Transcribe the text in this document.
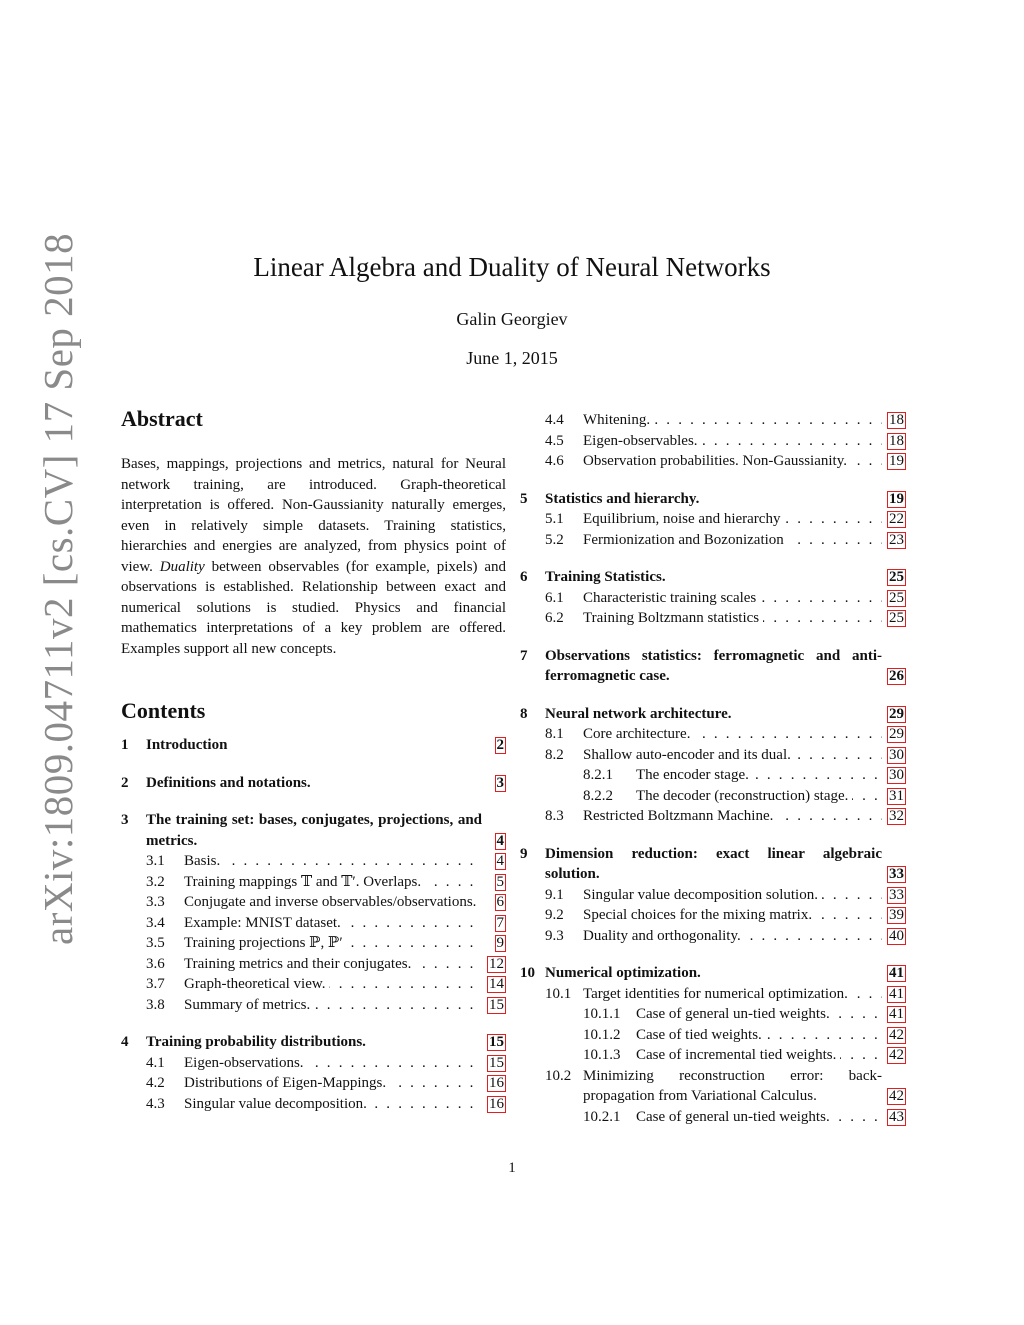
arXiv:1809.04711v2 [cs.CV] 17 Sep 2018	Linear Algebra and Duality of Neural Networks
Galin Georgiev
June 1, 2015
Abstract
Bases, mappings, projections and metrics, natural for Neural network training, are introduced. Graph-theoretical interpretation is offered. Non-Gaussianity naturally emerges, even in relatively simple datasets. Training statistics, hierarchies and energies are analyzed, from physics point of view. Duality between observables (for example, pixels) and observations is established. Relationship between exact and numerical solutions is studied. Physics and financial mathematics interpretations of a key problem are offered. Examples support all new concepts.
Contents
1	Introduction	2
2	Definitions and notations.	3
3	The training set: bases, conjugates, projections, and metrics.	4
3.1	Basis. . . .	4
3.2	Training mappings 𝕋 and 𝕋′. Overlaps. . . .	5
3.3	Conjugate and inverse observables/observations.	6
3.4	Example: MNIST dataset. . . .	7
3.5	Training projections ℙ, ℙ′ . . .	9
3.6	Training metrics and their conjugates. . . .	12
3.7	Graph-theoretical view. . . .	14
3.8	Summary of metrics. . . .	15
4	Training probability distributions.	15
4.1	Eigen-observations. . . .	15
4.2	Distributions of Eigen-Mappings. . . .	16
4.3	Singular value decomposition. . . .	16
4.4	Whitening. . . .	18
4.5	Eigen-observables. . . .	18
4.6	Observation probabilities. Non-Gaussianity. . . .	19
5	Statistics and hierarchy.	19
5.1	Equilibrium, noise and hierarchy . . .	22
5.2	Fermionization and Bozonization . . .	23
6	Training Statistics.	25
6.1	Characteristic training scales . . .	25
6.2	Training Boltzmann statistics . . .	25
7	Observations statistics: ferromagnetic and anti-ferromagnetic case.	26
8	Neural network architecture.	29
8.1	Core architecture. . . .	29
8.2	Shallow auto-encoder and its dual. . . .	30
8.2.1	The encoder stage. . . .	30
8.2.2	The decoder (reconstruction) stage. . . .	31
8.3	Restricted Boltzmann Machine. . . .	32
9	Dimension reduction: exact linear algebraic solution.	33
9.1	Singular value decomposition solution. . . .	33
9.2	Special choices for the mixing matrix. . . .	39
9.3	Duality and orthogonality. . . .	40
10 Numerical optimization.	41
10.1 Target identities for numerical optimization. . . .	41
10.1.1	Case of general un-tied weights. . . .	41
10.1.2	Case of tied weights. . . .	42
10.1.3	Case of incremental tied weights. . . .	42
10.2 Minimizing reconstruction error: back-propagation from Variational Calculus.	42
10.2.1	Case of general un-tied weights. . . .	43
1
